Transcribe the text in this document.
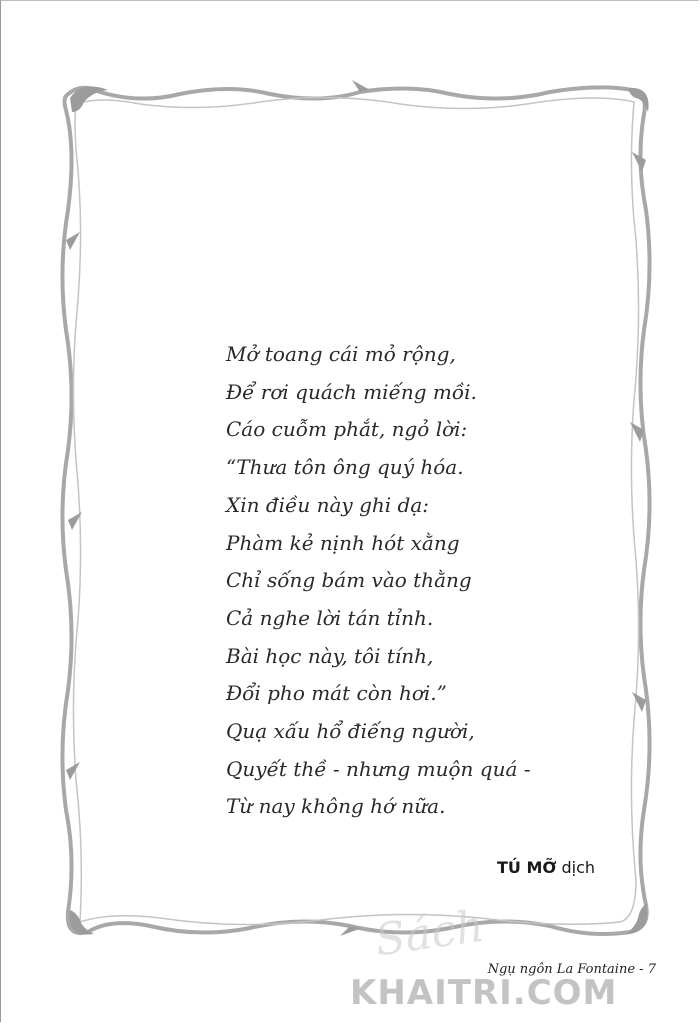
Mở toang cái mỏ rộng,
Để rơi quách miếng mồi.
Cáo cuỗm phắt, ngỏ lời:
“Thưa tôn ông quý hóa.
Xin điều này ghi dạ:
Phàm kẻ nịnh hót xằng
Chỉ sống bám vào thằng
Cả nghe lời tán tỉnh.
Bài học này, tôi tính,
Đổi pho mát còn hơi.”
Quạ xấu hổ điếng người,
Quyết thề - nhưng muộn quá -
Từ nay không hớ nữa.
TÚ MỠ dịch
Sách
KHAITRI.COM
Ngụ ngôn La Fontaine - 7
